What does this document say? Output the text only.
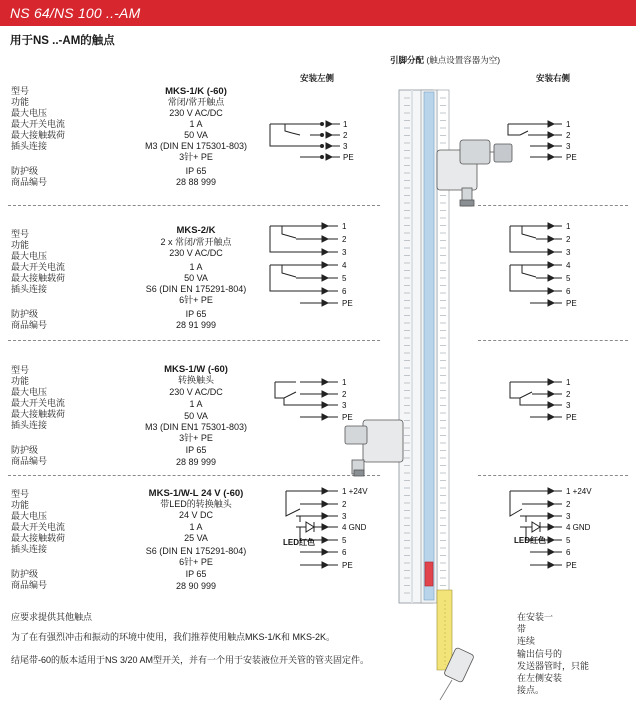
NS 64/NS 100 ..-AM
用于NS ..-AM的触点
引脚分配 (触点设置容器为空)
安装左侧	安装右侧
型号
功能
最大电压
最大开关电流
最大接触载荷
插头连接
防护级
商品编号
MKS-1/K (-60)
常闭/常开触点
230 V AC/DC
1 A
50 VA
M3 (DIN EN 175301-803)
3针+ PE
IP 65
28 88 999
型号
功能
最大电压
最大开关电流
最大接触载荷
插头连接
防护级
商品编号
MKS-2/K
2 x 常闭/常开触点
230 V AC/DC
1 A
50 VA
S6 (DIN EN 175291-804)
6针+ PE
IP 65
28 91 999
型号
功能
最大电压
最大开关电流
最大接触载荷
插头连接
防护级
商品编号
MKS-1/W (-60)
转换触头
230 V AC/DC
1 A
50 VA
M3 (DIN EN1 75301-803)
3针+ PE
IP 65
28 89 999
型号
功能
最大电压
最大开关电流
最大接触载荷
插头连接
防护级
商品编号
MKS-1/W-L 24 V (-60)
带LED的转换触头
24 V DC
1 A
25 VA
S6 (DIN EN 175291-804)
6针+ PE
IP 65
28 90 999
1
2
3
PE
1
2
3
PE
1
2
3
4
5
6
PE
1
2
3
4
5
6
PE
1
2
3
PE
1
2
3
PE
1 +24V
2
3
4 GND
5
6
PE
1 +24V
2
3
4 GND
5
6
PE
LED红色	LED红色
应要求提供其他触点
为了在有强烈冲击和振动的环境中使用，我们推荐使用触点MKS-1/K和 MKS-2K。
结尾带-60的版本适用于NS 3/20 AM型开关，并有一个用于安装液位开关管的管夹固定件。
在安装一
带
连续
输出信号的
发送器管时，只能
在左侧安装
接点。
